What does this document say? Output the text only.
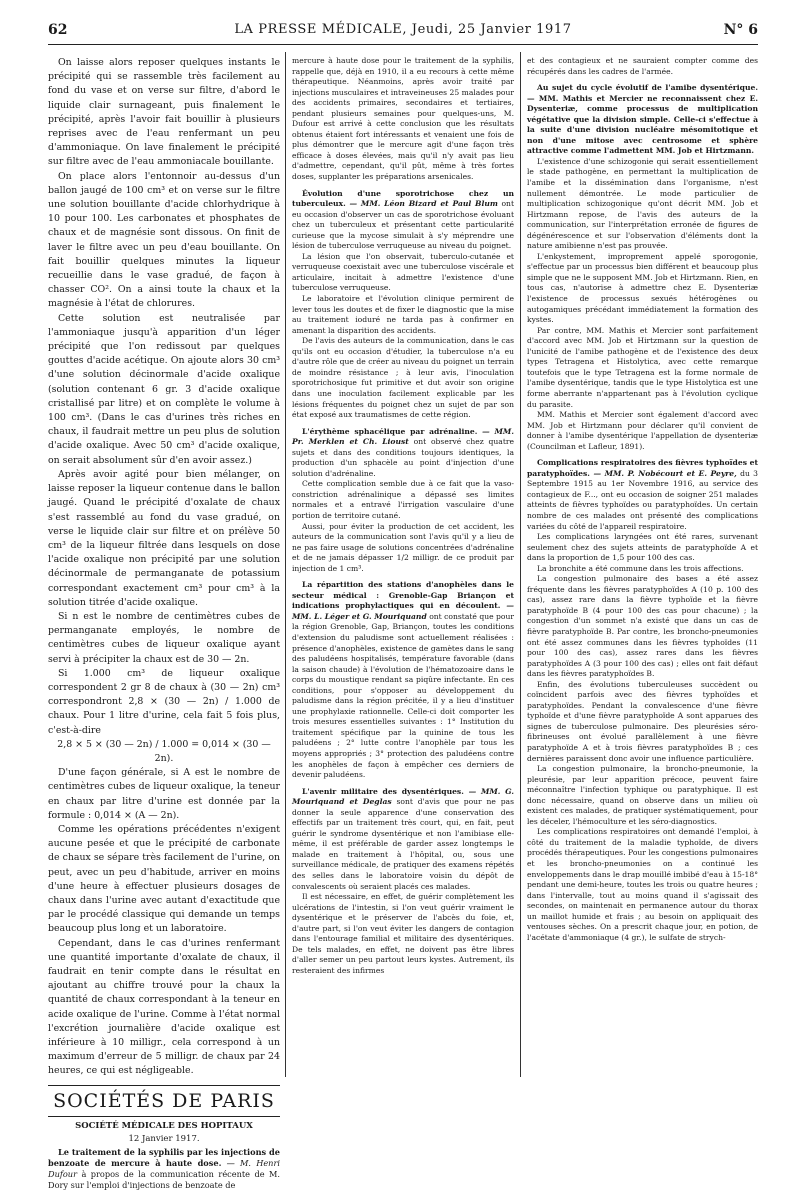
62	LA PRESSE MÉDICALE, Jeudi, 25 Janvier 1917	N° 6

On laisse alors reposer quelques instants le précipité qui se rassemble très facilement au fond du vase et on verse sur filtre, d'abord le liquide clair surnageant, puis finalement le précipité, après l'avoir fait bouillir à plusieurs reprises avec de l'eau renfermant un peu d'ammoniaque. On lave finalement le précipité sur filtre avec de l'eau ammoniacale bouillante.

On place alors l'entonnoir au-dessus d'un ballon jaugé de 100 cm³ et on verse sur le filtre une solution bouillante d'acide chlorhydrique à 10 pour 100. Les carbonates et phosphates de chaux et de magnésie sont dissous. On finit de laver le filtre avec un peu d'eau bouillante. On fait bouillir quelques minutes la liqueur recueillie dans le vase gradué, de façon à chasser CO². On a ainsi toute la chaux et la magnésie à l'état de chlorures.

Cette solution est neutralisée par l'ammoniaque jusqu'à apparition d'un léger précipité que l'on redissout par quelques gouttes d'acide acétique. On ajoute alors 30 cm³ d'une solution décinormale d'acide oxalique (solution contenant 6 gr. 3 d'acide oxalique cristallisé par litre) et on complète le volume à 100 cm³. (Dans le cas d'urines très riches en chaux, il faudrait mettre un peu plus de solution d'acide oxalique. Avec 50 cm³ d'acide oxalique, on serait absolument sûr d'en avoir assez.)

Après avoir agité pour bien mélanger, on laisse reposer la liqueur contenue dans le ballon jaugé. Quand le précipité d'oxalate de chaux s'est rassemblé au fond du vase gradué, on verse le liquide clair sur filtre et on prélève 50 cm³ de la liqueur filtrée dans lesquels on dose l'acide oxalique non précipité par une solution décinormale de permanganate de potassium correspondant exactement cm³ pour cm³ à la solution titrée d'acide oxalique.

Si n est le nombre de centimètres cubes de permanganate employés, le nombre de centimètres cubes de liqueur oxalique ayant servi à précipiter la chaux est de 30 — 2n.

Si 1.000 cm³ de liqueur oxalique correspondent 2 gr 8 de chaux à (30 — 2n) cm³ correspondront 2,8 × (30 — 2n) / 1.000 de chaux. Pour 1 litre d'urine, cela fait 5 fois plus, c'est-à-dire

2,8 × 5 × (30 — 2n) / 1.000 = 0,014 × (30 — 2n).

D'une façon générale, si A est le nombre de centimètres cubes de liqueur oxalique, la teneur en chaux par litre d'urine est donnée par la formule : 0,014 × (A — 2n).

Comme les opérations précédentes n'exigent aucune pesée et que le précipité de carbonate de chaux se sépare très facilement de l'urine, on peut, avec un peu d'habitude, arriver en moins d'une heure à effectuer plusieurs dosages de chaux dans l'urine avec autant d'exactitude que par le procédé classique qui demande un temps beaucoup plus long et un laboratoire.

Cependant, dans le cas d'urines renfermant une quantité importante d'oxalate de chaux, il faudrait en tenir compte dans le résultat en ajoutant au chiffre trouvé pour la chaux la quantité de chaux correspondant à la teneur en acide oxalique de l'urine. Comme à l'état normal l'excrétion journalière d'acide oxalique est inférieure à 10 milligr., cela correspond à un maximum d'erreur de 5 milligr. de chaux par 24 heures, ce qui est négligeable.

SOCIÉTÉS DE PARIS
SOCIÉTÉ MÉDICALE DES HOPITAUX
12 Janvier 1917.

Le traitement de la syphilis par les injections de benzoate de mercure à haute dose. — M. Henri Dufour à propos de la communication récente de M. Dory sur l'emploi d'injections de benzoate de

mercure à haute dose pour le traitement de la syphilis, rappelle que, déjà en 1910, il a eu recours à cette même thérapeutique. Néanmoins, après avoir traité par injections musculaires et intraveineuses 25 malades pour des accidents primaires, secondaires et tertiaires, pendant plusieurs semaines pour quelques-uns, M. Dufour est arrivé à cette conclusion que les résultats obtenus étaient fort intéressants et venaient une fois de plus démontrer que le mercure agit d'une façon très efficace à doses élevées, mais qu'il n'y avait pas lieu d'admettre, cependant, qu'il pût, même à très fortes doses, supplanter les préparations arsenicales.

Évolution d'une sporotrichose chez un tuberculeux. — MM. Léon Bizard et Paul Blum ont eu occasion d'observer un cas de sporotrichose évoluant chez un tuberculeux et présentant cette particularité curieuse que la mycose simulait à s'y méprendre une lésion de tuberculose verruqueuse au niveau du poignet.

La lésion que l'on observait, tuberculo-cutanée et verruqueuse coexistait avec une tuberculose viscérale et articulaire, incitait à admettre l'existence d'une tuberculose verruqueuse.

Le laboratoire et l'évolution clinique permirent de lever tous les doutes et de fixer le diagnostic que la mise au traitement ioduré ne tarda pas à confirmer en amenant la disparition des accidents.

De l'avis des auteurs de la communication, dans le cas qu'ils ont eu occasion d'étudier, la tuberculose n'a eu d'autre rôle que de créer au niveau du poignet un terrain de moindre résistance ; à leur avis, l'inoculation sporotrichosique fut primitive et dut avoir son origine dans une inoculation facilement explicable par les lésions fréquentes du poignet chez un sujet de par son état exposé aux traumatismes de cette région.

L'érythème sphacélique par adrénaline. — MM. Pr. Merklen et Ch. Lioust ont observé chez quatre sujets et dans des conditions toujours identiques, la production d'un sphacèle au point d'injection d'une solution d'adrénaline.

Cette complication semble due à ce fait que la vaso-constriction adrénalinique a dépassé ses limites normales et a entravé l'irrigation vasculaire d'une portion de territoire cutané.

Aussi, pour éviter la production de cet accident, les auteurs de la communication sont l'avis qu'il y a lieu de ne pas faire usage de solutions concentrées d'adrénaline et de ne jamais dépasser 1/2 milligr. de ce produit par injection de 1 cm³.

La répartition des stations d'anophèles dans le secteur médical : Grenoble-Gap Briançon et indications prophylactiques qui en découlent. — MM. L. Léger et G. Mouriquand ont constaté que pour la région Grenoble, Gap, Briançon, toutes les conditions d'extension du paludisme sont actuellement réalisées : présence d'anophèles, existence de gamètes dans le sang des paludéens hospitalisés, température favorable (dans la saison chaude) à l'évolution de l'hématozoaire dans le corps du moustique rendant sa piqûre infectante. En ces conditions, pour s'opposer au développement du paludisme dans la région précitée, il y a lieu d'instituer une prophylaxie rationnelle. Celle-ci doit comporter les trois mesures essentielles suivantes : 1° Institution du traitement spécifique par la quinine de tous les paludéens ; 2° lutte contre l'anophèle par tous les moyens appropriés ; 3° protection des paludéens contre les anophèles de façon à empêcher ces derniers de devenir paludéens.

L'avenir militaire des dysentériques. — MM. G. Mouriquand et Deglas sont d'avis que pour ne pas donner la seule apparence d'une conservation des effectifs par un traitement très court, qui, en fait, peut guérir le syndrome dysentérique et non l'amibiase elle-même, il est préférable de garder assez longtemps le malade en traitement à l'hôpital, ou, sous une surveillance médicale, de pratiquer des examens répétés des selles dans le laboratoire voisin du dépôt de convalescents où seraient placés ces malades.

Il est nécessaire, en effet, de guérir complètement les ulcérations de l'intestin, si l'on veut guérir vraiment le dysentérique et le préserver de l'abcès du foie, et, d'autre part, si l'on veut éviter les dangers de contagion dans l'entourage familial et militaire des dysentériques. De tels malades, en effet, ne doivent pas être libres d'aller semer un peu partout leurs kystes. Autrement, ils resteraient des infirmes

et des contagieux et ne sauraient compter comme des récupérés dans les cadres de l'armée.

Au sujet du cycle évolutif de l'amibe dysentérique. — MM. Mathis et Mercier ne reconnaissent chez E. Dysenteriæ, comme processus de multiplication végétative que la division simple. Celle-ci s'effectue à la suite d'une division nucléaire mésomitotique et non d'une mitose avec centrosome et sphère attractive comme l'admettent MM. Job et Hirtzmann.

L'existence d'une schizogonie qui serait essentiellement le stade pathogène, en permettant la multiplication de l'amibe et la dissémination dans l'organisme, n'est nullement démontrée. Le mode particulier de multiplication schizogonique qu'ont décrit MM. Job et Hirtzmann repose, de l'avis des auteurs de la communication, sur l'interprétation erronée de figures de dégénérescence et sur l'observation d'éléments dont la nature amibienne n'est pas prouvée.

L'enkystement, improprement appelé sporogonie, s'effectue par un processus bien différent et beaucoup plus simple que ne le supposent MM. Job et Hirtzmann. Rien, en tous cas, n'autorise à admettre chez E. Dysenteriæ l'existence de processus sexués hétérogènes ou autogamiques précédant immédiatement la formation des kystes.

Par contre, MM. Mathis et Mercier sont parfaitement d'accord avec MM. Job et Hirtzmann sur la question de l'unicité de l'amibe pathogène et de l'existence des deux types Tetragena et Histolytica, avec cette remarque toutefois que le type Tetragena est la forme normale de l'amibe dysentérique, tandis que le type Histolytica est une forme aberrante n'appartenant pas à l'évolution cyclique du parasite.

MM. Mathis et Mercier sont également d'accord avec MM. Job et Hirtzmann pour déclarer qu'il convient de donner à l'amibe dysentérique l'appellation de dysenteriæ (Councilman et Lafleur, 1891).

Complications respiratoires des fièvres typhoïdes et paratyphoïdes. — MM. P. Nobécourt et E. Peyre, du 3 Septembre 1915 au 1er Novembre 1916, au service des contagieux de F..., ont eu occasion de soigner 251 malades atteints de fièvres typhoïdes ou paratyphoïdes. Un certain nombre de ces malades ont présenté des complications variées du côté de l'appareil respiratoire.

Les complications laryngées ont été rares, survenant seulement chez des sujets atteints de paratyphoïde A et dans la proportion de 1,5 pour 100 des cas.

La bronchite a été commune dans les trois affections.

La congestion pulmonaire des bases a été assez fréquente dans les fièvres paratyphoïdes A (10 p. 100 des cas), assez rare dans la fièvre typhoïde et la fièvre paratyphoïde B (4 pour 100 des cas pour chacune) ; la congestion d'un sommet n'a existé que dans un cas de fièvre paratyphoïde B. Par contre, les broncho-pneumonies ont été assez communes dans les fièvres typhoïdes (11 pour 100 des cas), assez rares dans les fièvres paratyphoïdes A (3 pour 100 des cas) ; elles ont fait défaut dans les fièvres paratyphoïdes B.

Enfin, des évolutions tuberculeuses succèdent ou coïncident parfois avec des fièvres typhoïdes et paratyphoïdes. Pendant la convalescence d'une fièvre typhoïde et d'une fièvre paratyphoïde A sont apparues des signes de tuberculose pulmonaire. Des pleurésies séro-fibrineuses ont évolué parallèlement à une fièvre paratyphoïde A et à trois fièvres paratyphoïdes B ; ces dernières paraissent donc avoir une influence particulière.

La congestion pulmonaire, la broncho-pneumonie, la pleurésie, par leur apparition précoce, peuvent faire méconnaître l'infection typhique ou paratyphique. Il est donc nécessaire, quand on observe dans un milieu où existent ces malades, de pratiquer systématiquement, pour les déceler, l'hémoculture et les séro-diagnostics.

Les complications respiratoires ont demandé l'emploi, à côté du traitement de la maladie typhoïde, de divers procédés thérapeutiques. Pour les congestions pulmonaires et les broncho-pneumonies on a continué les enveloppements dans le drap mouillé imbibé d'eau à 15-18° pendant une demi-heure, toutes les trois ou quatre heures ; dans l'intervalle, tout au moins quand il s'agissait des secondes, on maintenait en permanence autour du thorax un maillot humide et frais ; au besoin on appliquait des ventouses sèches. On a prescrit chaque jour, en potion, de l'acétate d'ammoniaque (4 gr.), le sulfate de strych-
